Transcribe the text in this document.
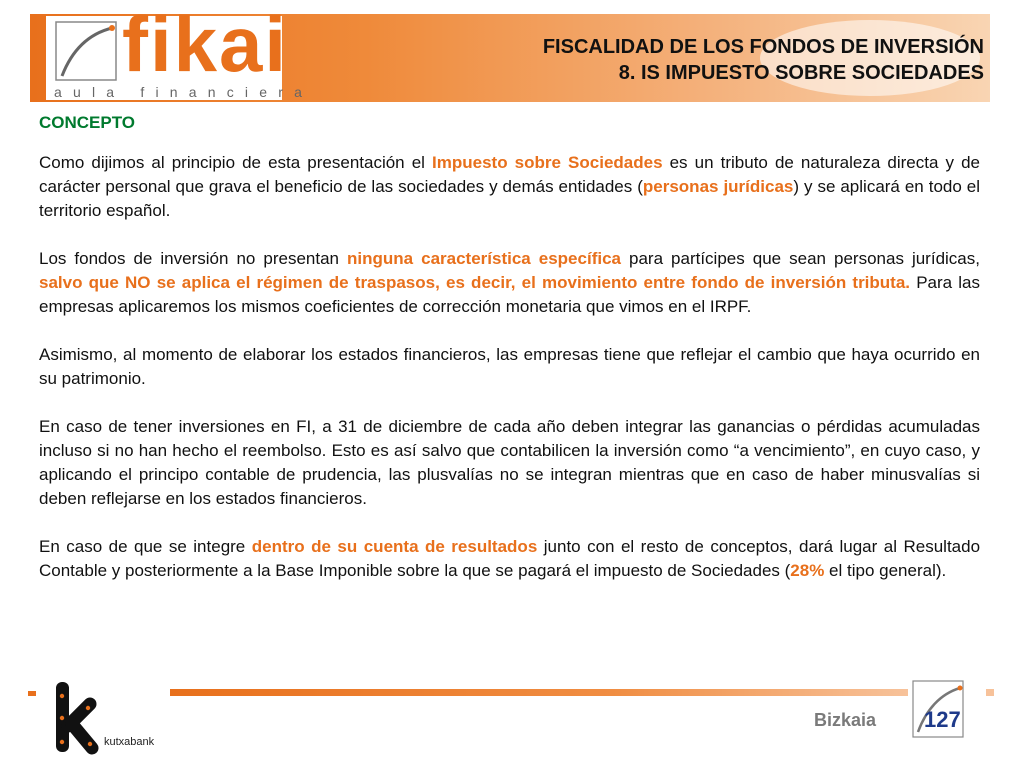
fikai
aula financiera
FISCALIDAD DE LOS FONDOS DE INVERSIÓN
8. IS IMPUESTO SOBRE SOCIEDADES
CONCEPTO

Como dijimos al principio de esta presentación el Impuesto sobre Sociedades es un tributo de naturaleza directa y de carácter personal que grava el beneficio de las sociedades y demás entidades (personas jurídicas) y se aplicará en todo el territorio español.

Los fondos de inversión no presentan ninguna característica específica para partícipes que sean personas jurídicas, salvo que NO se aplica el régimen de traspasos, es decir, el movimiento entre fondo de inversión tributa. Para las empresas aplicaremos los mismos coeficientes de corrección monetaria que vimos en el IRPF.

Asimismo, al momento de elaborar los estados financieros, las empresas tiene que reflejar el cambio que haya ocurrido en su patrimonio.

En caso de tener inversiones en FI, a 31 de diciembre de cada año deben integrar las ganancias o pérdidas acumuladas incluso si no han hecho el reembolso. Esto es así salvo que contabilicen la inversión como “a vencimiento”, en cuyo caso, y aplicando el principo contable de prudencia, las plusvalías no se integran mientras que en caso de haber minusvalías si deben reflejarse en los estados financieros.

En caso de que se integre dentro de su cuenta de resultados junto con el resto de conceptos, dará lugar al Resultado Contable y posteriormente a la Base Imponible sobre la que se pagará el impuesto de Sociedades (28% el tipo general).

kutxabank
Bizkaia 127
